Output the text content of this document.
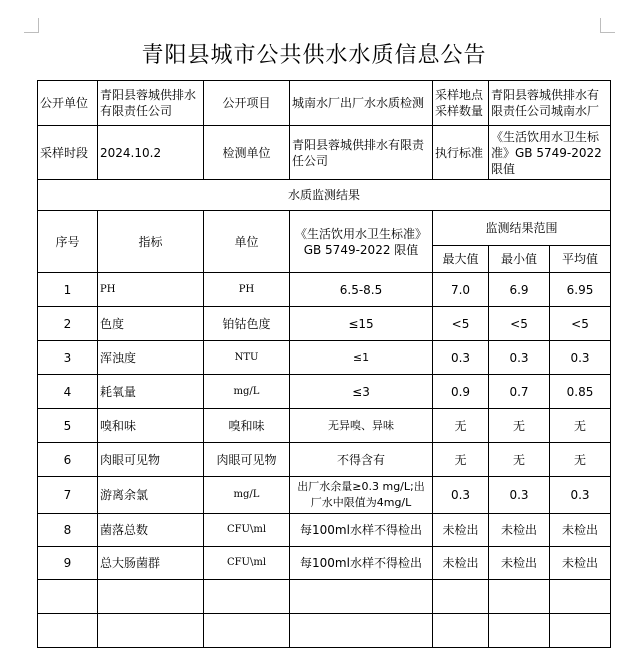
青阳县城市公共供水水质信息公告
公开单位	青阳县蓉城供排水有限责任公司	公开项目	城南水厂出厂水水质检测	采样地点采样数量	青阳县蓉城供排水有限责任公司城南水厂	
采样时段	2024.10.2	检测单位	青阳县蓉城供排水有限责任公司	执行标准	《生活饮用水卫生标准》GB 5749-2022 限值	
水质监测结果						
序号	指标	单位	《生活饮用水卫生标准》GB 5749-2022 限值	监测结果范围		
				最大值	最小值	平均值
1	PH	PH	6.5-8.5	7.0	6.9	6.95
2	色度	铂钴色度	≤15	<5	<5	<5
3	浑浊度	NTU	≤1	0.3	0.3	0.3
4	耗氧量	mg/L	≤3	0.9	0.7	0.85
5	嗅和味	嗅和味	无异嗅、异味	无	无	无
6	肉眼可见物	肉眼可见物	不得含有	无	无	无
7	游离余氯	mg/L	出厂水余量≥0.3 mg/L;出厂水中限值为4mg/L	0.3	0.3	0.3
8	菌落总数	CFU\ml	每100ml水样不得检出	未检出	未检出	未检出
9	总大肠菌群	CFU\ml	每100ml水样不得检出	未检出	未检出	未检出
